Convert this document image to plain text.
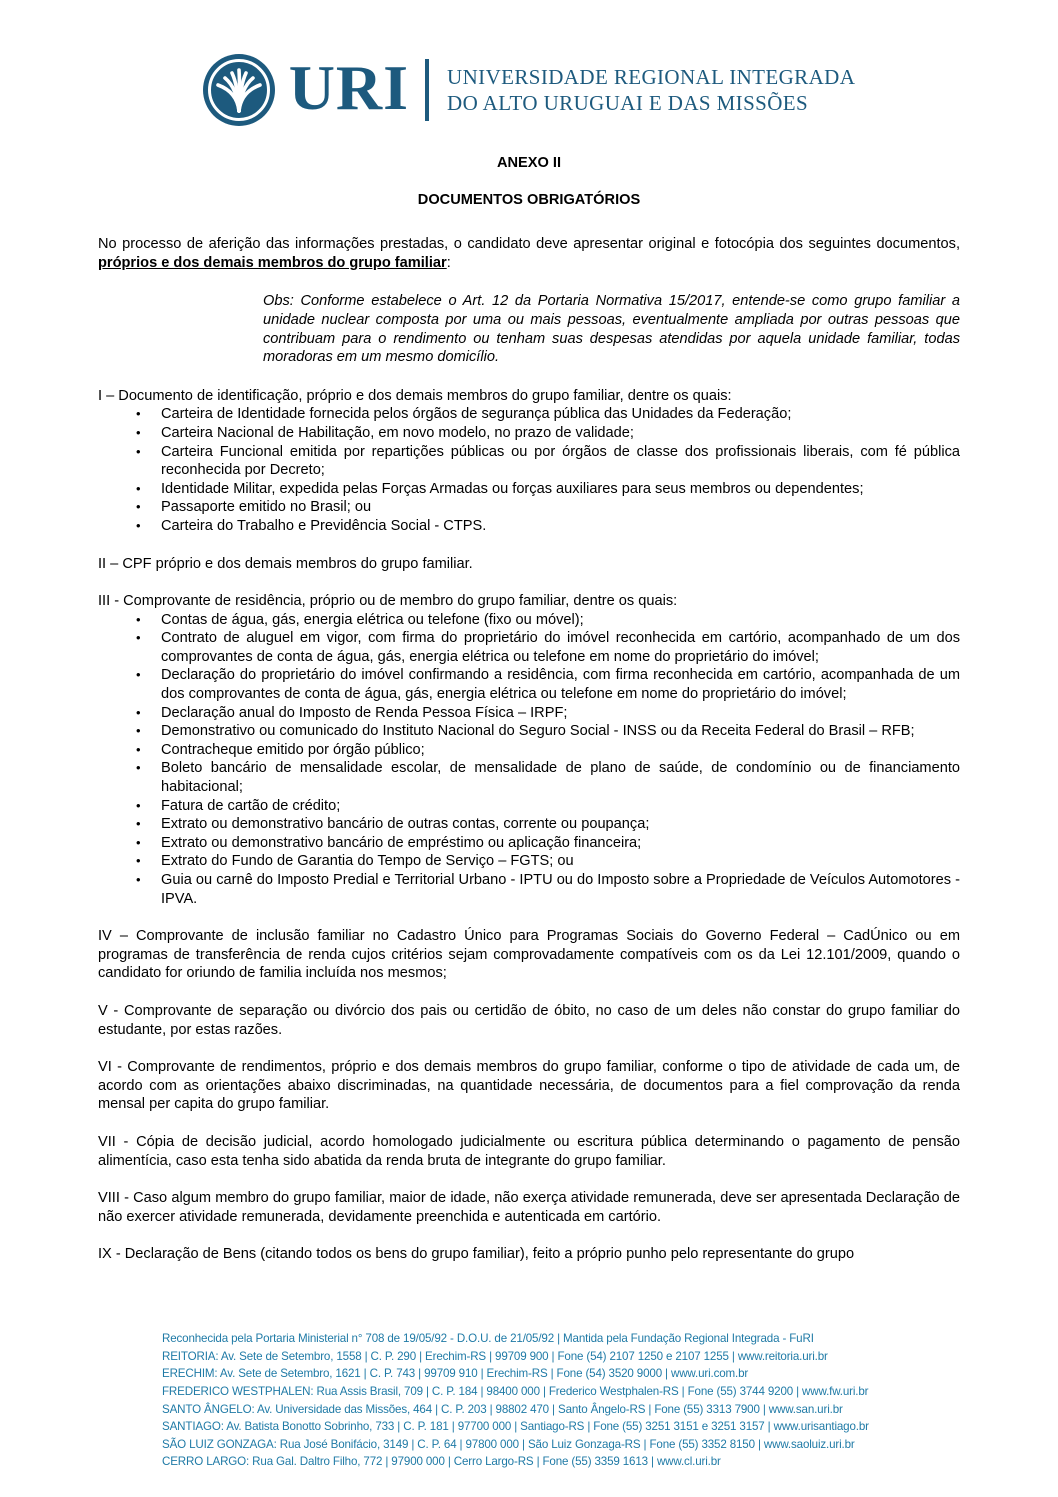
URI UNIVERSIDADE REGIONAL INTEGRADA
DO ALTO URUGUAI E DAS MISSÕES

ANEXO II

DOCUMENTOS OBRIGATÓRIOS

No processo de aferição das informações prestadas, o candidato deve apresentar original e fotocópia dos seguintes documentos, próprios e dos demais membros do grupo familiar:

Obs: Conforme estabelece o Art. 12 da Portaria Normativa 15/2017, entende-se como grupo familiar a unidade nuclear composta por uma ou mais pessoas, eventualmente ampliada por outras pessoas que contribuam para o rendimento ou tenham suas despesas atendidas por aquela unidade familiar, todas moradoras em um mesmo domicílio.

I – Documento de identificação, próprio e dos demais membros do grupo familiar, dentre os quais:

• Carteira de Identidade fornecida pelos órgãos de segurança pública das Unidades da Federação;
• Carteira Nacional de Habilitação, em novo modelo, no prazo de validade;
• Carteira Funcional emitida por repartições públicas ou por órgãos de classe dos profissionais liberais, com fé pública reconhecida por Decreto;
• Identidade Militar, expedida pelas Forças Armadas ou forças auxiliares para seus membros ou dependentes;
• Passaporte emitido no Brasil; ou
• Carteira do Trabalho e Previdência Social - CTPS.

II – CPF próprio e dos demais membros do grupo familiar.

III - Comprovante de residência, próprio ou de membro do grupo familiar, dentre os quais:

• Contas de água, gás, energia elétrica ou telefone (fixo ou móvel);
• Contrato de aluguel em vigor, com firma do proprietário do imóvel reconhecida em cartório, acompanhado de um dos comprovantes de conta de água, gás, energia elétrica ou telefone em nome do proprietário do imóvel;
• Declaração do proprietário do imóvel confirmando a residência, com firma reconhecida em cartório, acompanhada de um dos comprovantes de conta de água, gás, energia elétrica ou telefone em nome do proprietário do imóvel;
• Declaração anual do Imposto de Renda Pessoa Física – IRPF;
• Demonstrativo ou comunicado do Instituto Nacional do Seguro Social - INSS ou da Receita Federal do Brasil – RFB;
• Contracheque emitido por órgão público;
• Boleto bancário de mensalidade escolar, de mensalidade de plano de saúde, de condomínio ou de financiamento habitacional;
• Fatura de cartão de crédito;
• Extrato ou demonstrativo bancário de outras contas, corrente ou poupança;
• Extrato ou demonstrativo bancário de empréstimo ou aplicação financeira;
• Extrato do Fundo de Garantia do Tempo de Serviço – FGTS; ou
• Guia ou carnê do Imposto Predial e Territorial Urbano - IPTU ou do Imposto sobre a Propriedade de Veículos Automotores - IPVA.

IV – Comprovante de inclusão familiar no Cadastro Único para Programas Sociais do Governo Federal – CadÚnico ou em programas de transferência de renda cujos critérios sejam comprovadamente compatíveis com os da Lei 12.101/2009, quando o candidato for oriundo de familia incluída nos mesmos;

V - Comprovante de separação ou divórcio dos pais ou certidão de óbito, no caso de um deles não constar do grupo familiar do estudante, por estas razões.

VI - Comprovante de rendimentos, próprio e dos demais membros do grupo familiar, conforme o tipo de atividade de cada um, de acordo com as orientações abaixo discriminadas, na quantidade necessária, de documentos para a fiel comprovação da renda mensal per capita do grupo familiar.

VII - Cópia de decisão judicial, acordo homologado judicialmente ou escritura pública determinando o pagamento de pensão alimentícia, caso esta tenha sido abatida da renda bruta de integrante do grupo familiar.

VIII - Caso algum membro do grupo familiar, maior de idade, não exerça atividade remunerada, deve ser apresentada Declaração de não exercer atividade remunerada, devidamente preenchida e autenticada em cartório.

IX - Declaração de Bens (citando todos os bens do grupo familiar), feito a próprio punho pelo representante do grupo

Reconhecida pela Portaria Ministerial n° 708 de 19/05/92 - D.O.U. de 21/05/92 | Mantida pela Fundação Regional Integrada - FuRI
REITORIA: Av. Sete de Setembro, 1558 | C. P. 290 | Erechim-RS | 99709 900 | Fone (54) 2107 1250 e 2107 1255 | www.reitoria.uri.br
ERECHIM: Av. Sete de Setembro, 1621 | C. P. 743 | 99709 910 | Erechim-RS | Fone (54) 3520 9000 | www.uri.com.br
FREDERICO WESTPHALEN: Rua Assis Brasil, 709 | C. P. 184 | 98400 000 | Frederico Westphalen-RS | Fone (55) 3744 9200 | www.fw.uri.br
SANTO ÂNGELO: Av. Universidade das Missões, 464 | C. P. 203 | 98802 470 | Santo Ângelo-RS | Fone (55) 3313 7900 | www.san.uri.br
SANTIAGO: Av. Batista Bonotto Sobrinho, 733 | C. P. 181 | 97700 000 | Santiago-RS | Fone (55) 3251 3151 e 3251 3157 | www.urisantiago.br
SÃO LUIZ GONZAGA: Rua José Bonifácio, 3149 | C. P. 64 | 97800 000 | São Luiz Gonzaga-RS | Fone (55) 3352 8150 | www.saoluiz.uri.br
CERRO LARGO: Rua Gal. Daltro Filho, 772 | 97900 000 | Cerro Largo-RS | Fone (55) 3359 1613 | www.cl.uri.br
